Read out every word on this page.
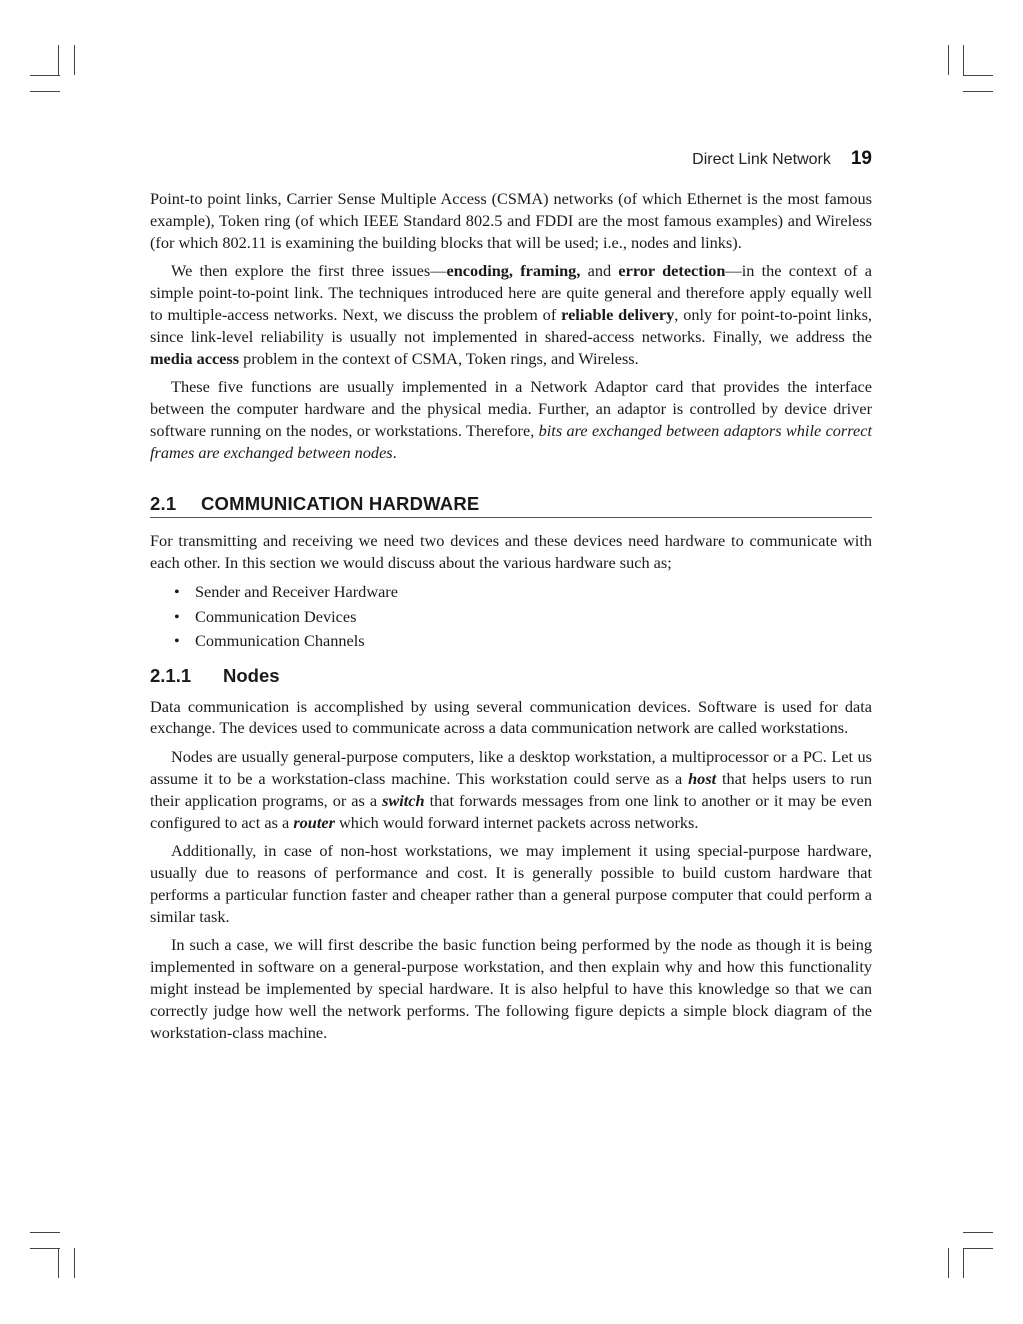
Direct Link Network 19

Point-to point links, Carrier Sense Multiple Access (CSMA) networks (of which Ethernet is the most famous example), Token ring (of which IEEE Standard 802.5 and FDDI are the most famous examples) and Wireless (for which 802.11 is examining the building blocks that will be used; i.e., nodes and links).

We then explore the first three issues—encoding, framing, and error detection—in the context of a simple point-to-point link. The techniques introduced here are quite general and therefore apply equally well to multiple-access networks. Next, we discuss the problem of reliable delivery, only for point-to-point links, since link-level reliability is usually not implemented in shared-access networks. Finally, we address the media access problem in the context of CSMA, Token rings, and Wireless.

These five functions are usually implemented in a Network Adaptor card that provides the interface between the computer hardware and the physical media. Further, an adaptor is controlled by device driver software running on the nodes, or workstations. Therefore, bits are exchanged between adaptors while correct frames are exchanged between nodes.

2.1 COMMUNICATION HARDWARE

For transmitting and receiving we need two devices and these devices need hardware to communicate with each other. In this section we would discuss about the various hardware such as;

• Sender and Receiver Hardware
• Communication Devices
• Communication Channels
2.1.1 Nodes

Data communication is accomplished by using several communication devices. Software is used for data exchange. The devices used to communicate across a data communication network are called workstations.

Nodes are usually general-purpose computers, like a desktop workstation, a multiprocessor or a PC. Let us assume it to be a workstation-class machine. This workstation could serve as a host that helps users to run their application programs, or as a switch that forwards messages from one link to another or it may be even configured to act as a router which would forward internet packets across networks.

Additionally, in case of non-host workstations, we may implement it using special-purpose hardware, usually due to reasons of performance and cost. It is generally possible to build custom hardware that performs a particular function faster and cheaper rather than a general purpose computer that could perform a similar task.

In such a case, we will first describe the basic function being performed by the node as though it is being implemented in software on a general-purpose workstation, and then explain why and how this functionality might instead be implemented by special hardware. It is also helpful to have this knowledge so that we can correctly judge how well the network performs. The following figure depicts a simple block diagram of the workstation-class machine.
